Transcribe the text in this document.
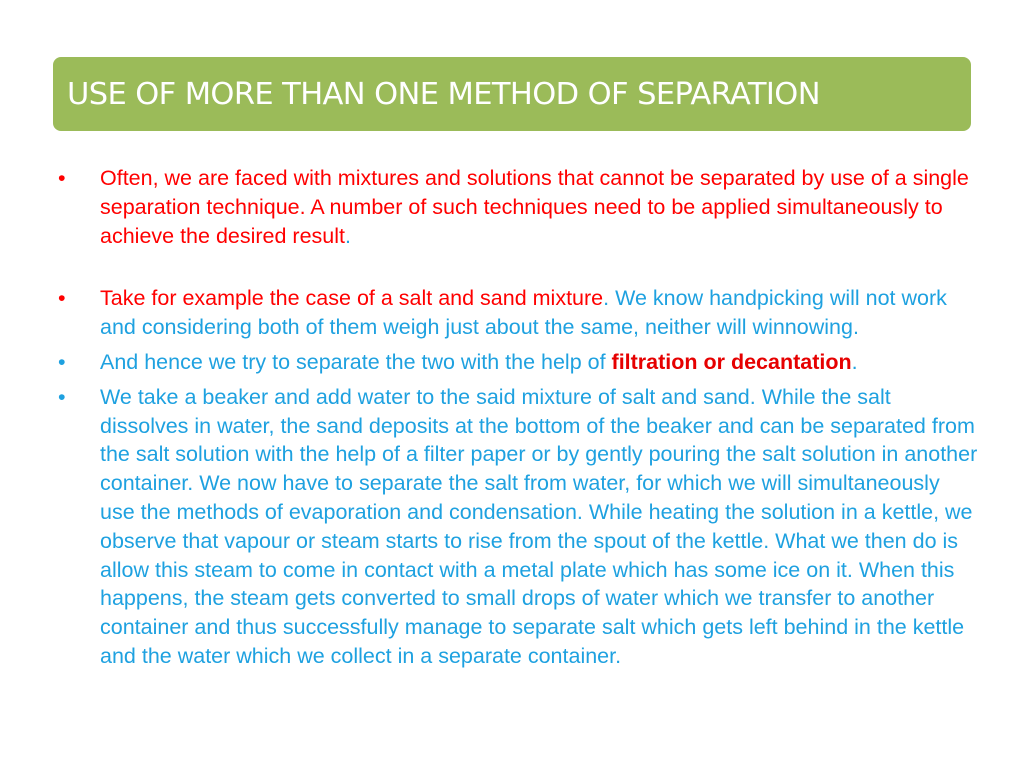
USE OF MORE THAN ONE METHOD OF SEPARATION
•	Often, we are faced with mixtures and solutions that cannot be separated by use of a single separation technique. A number of such techniques need to be applied simultaneously to achieve the desired result.
•	Take for example the case of a salt and sand mixture. We know handpicking will not work and considering both of them weigh just about the same, neither will winnowing.
•	And hence we try to separate the two with the help of filtration or decantation.
•	We take a beaker and add water to the said mixture of salt and sand. While the salt dissolves in water, the sand deposits at the bottom of the beaker and can be separated from the salt solution with the help of a filter paper or by gently pouring the salt solution in another container. We now have to separate the salt from water, for which we will simultaneously use the methods of evaporation and condensation. While heating the solution in a kettle, we observe that vapour or steam starts to rise from the spout of the kettle. What we then do is allow this steam to come in contact with a metal plate which has some ice on it. When this happens, the steam gets converted to small drops of water which we transfer to another container and thus successfully manage to separate salt which gets left behind in the kettle and the water which we collect in a separate container.
